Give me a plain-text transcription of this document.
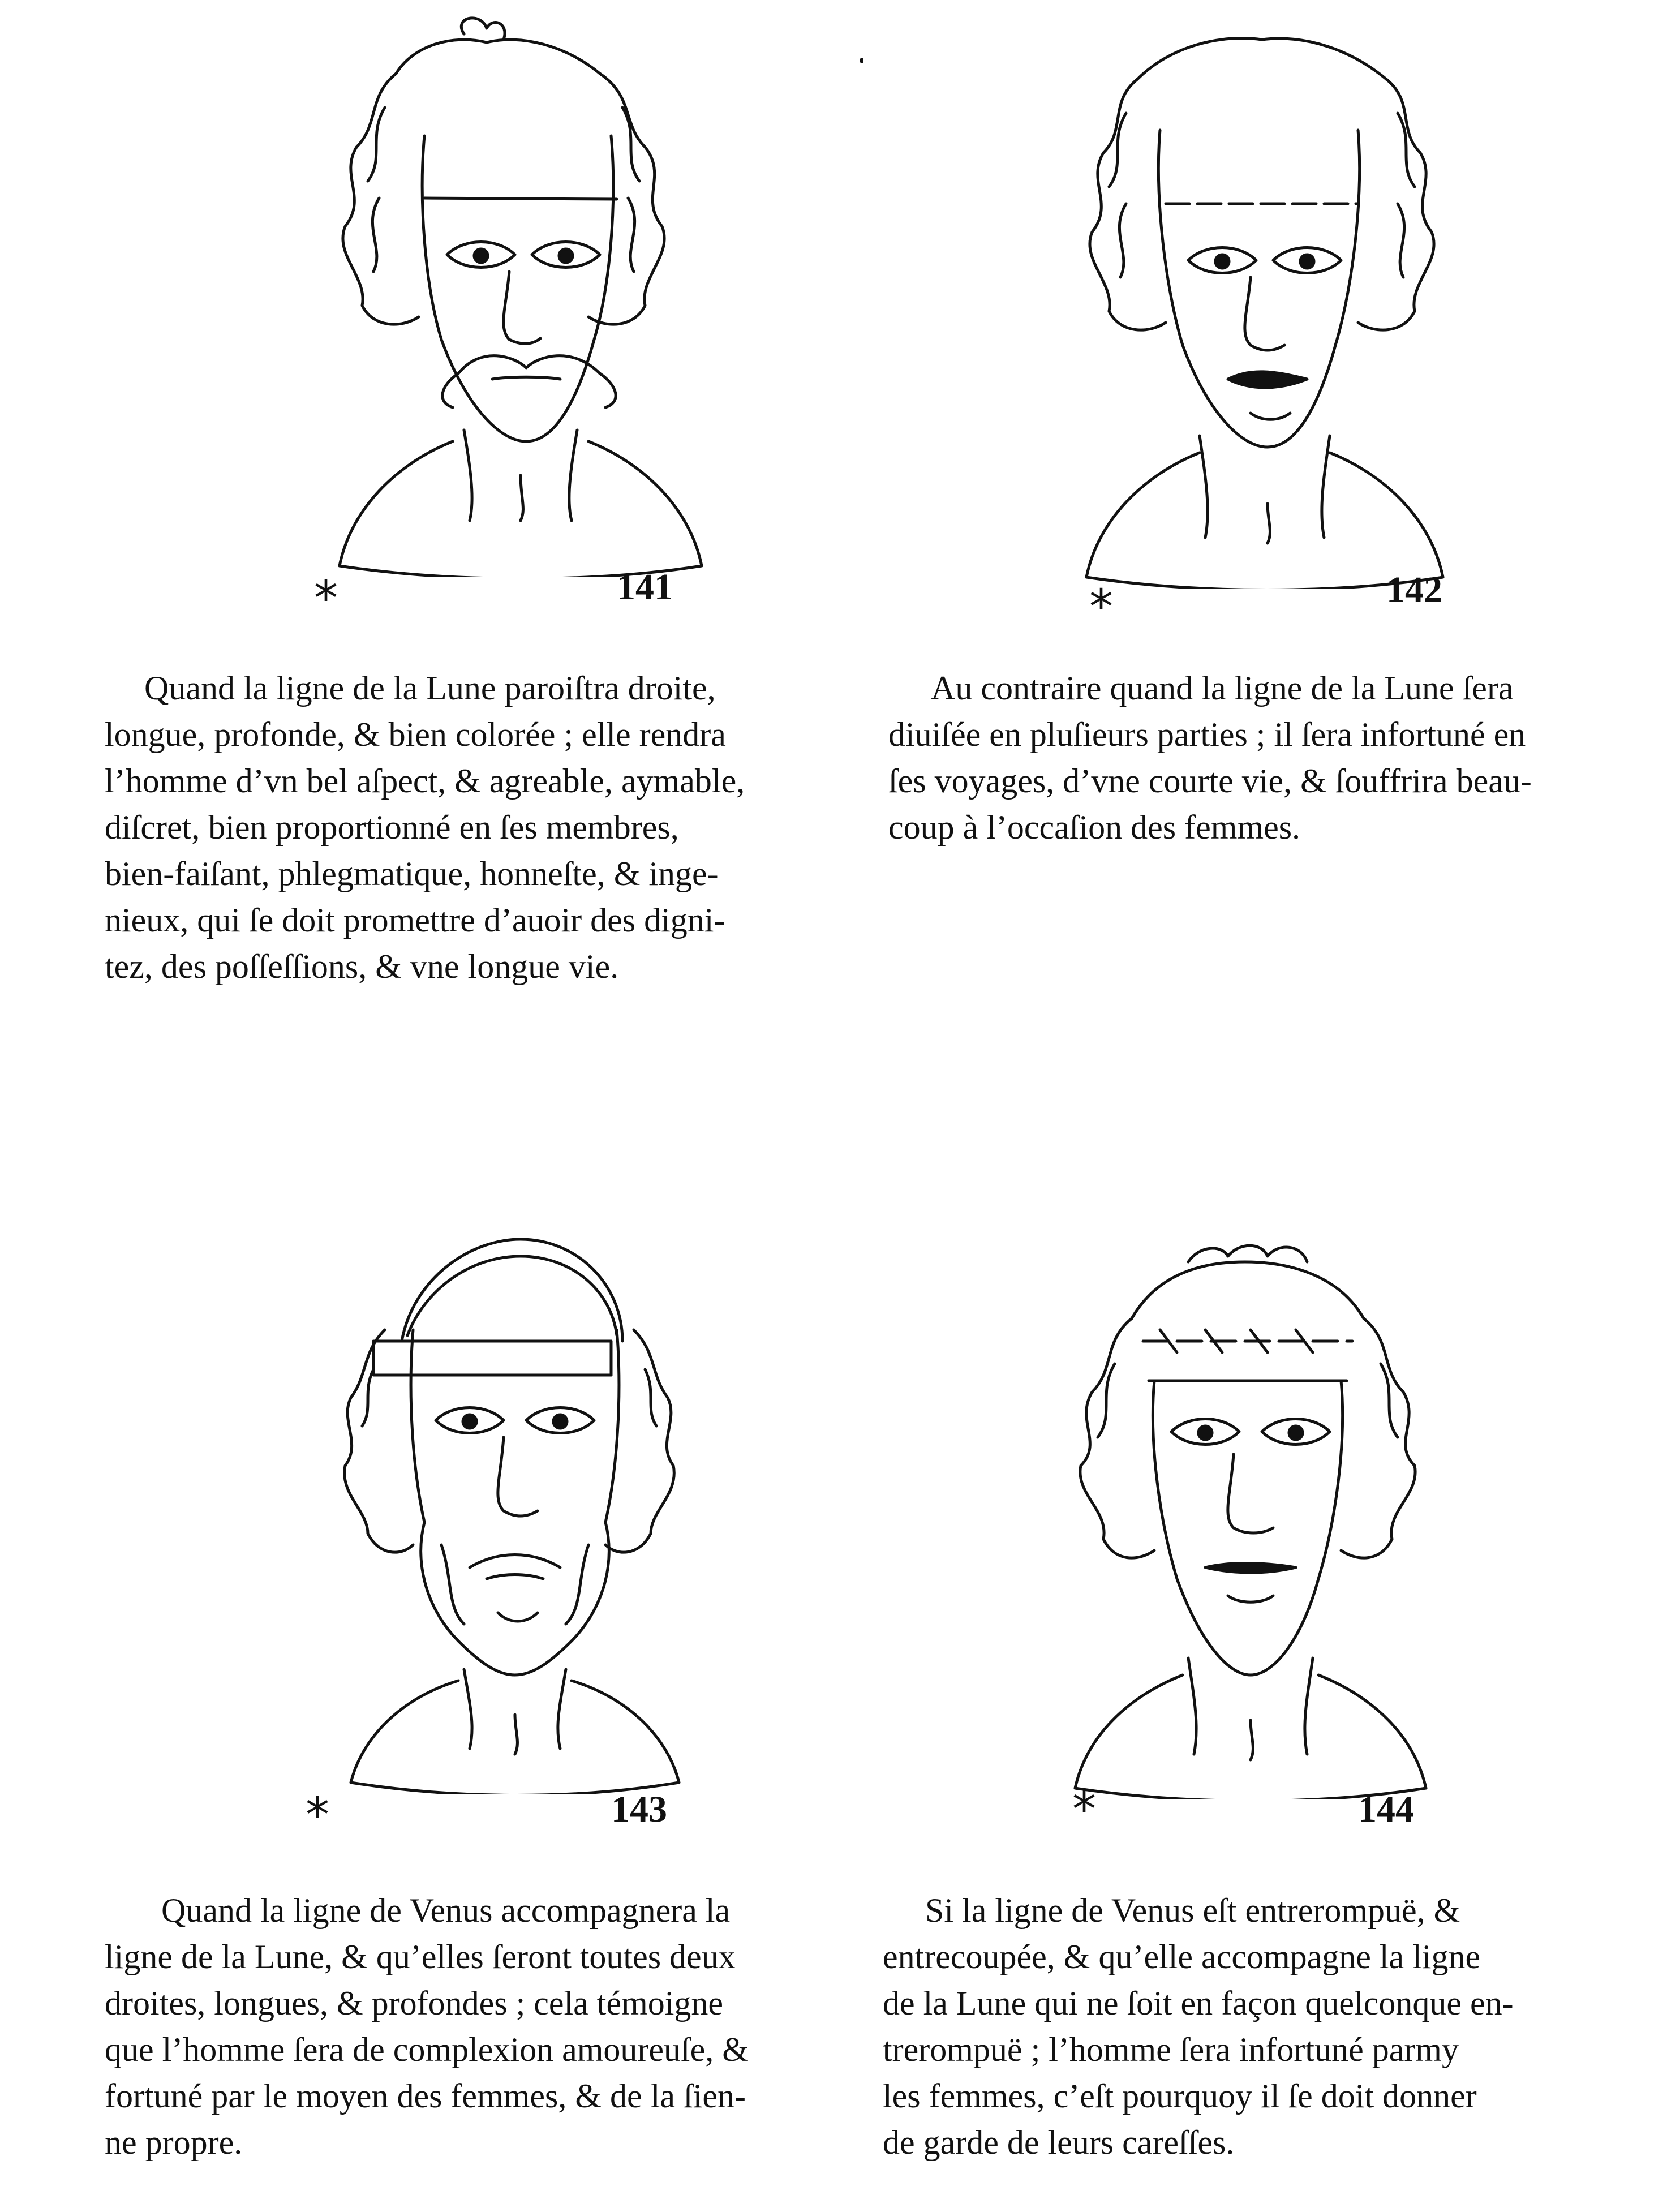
141
*	142
*
Quand la ligne de la Lune paroiſtra droite,
longue, profonde, & bien colorée ; elle rendra
l’homme d’vn bel aſpect, & agreable, aymable,
diſcret, bien proportionné en ſes membres,
bien-faiſant, phlegmatique, honneſte, & inge-
nieux, qui ſe doit promettre d’auoir des digni-
tez, des poſſeſſions, & vne longue vie.
Au contraire quand la ligne de la Lune ſera
diuiſée en pluſieurs parties ; il ſera infortuné en
ſes voyages, d’vne courte vie, & ſouffrira beau-
coup à l’occaſion des femmes.
143
*	144
*
Quand la ligne de Venus accompagnera la
ligne de la Lune, & qu’elles ſeront toutes deux
droites, longues, & profondes ; cela témoigne
que l’homme ſera de complexion amoureuſe, &
fortuné par le moyen des femmes, & de la ſien-
ne propre.
Si la ligne de Venus eſt entrerompuë, &
entrecoupée, & qu’elle accompagne la ligne
de la Lune qui ne ſoit en façon quelconque en-
trerompuë ; l’homme ſera infortuné parmy
les femmes, c’eſt pourquoy il ſe doit donner
de garde de leurs careſſes.
